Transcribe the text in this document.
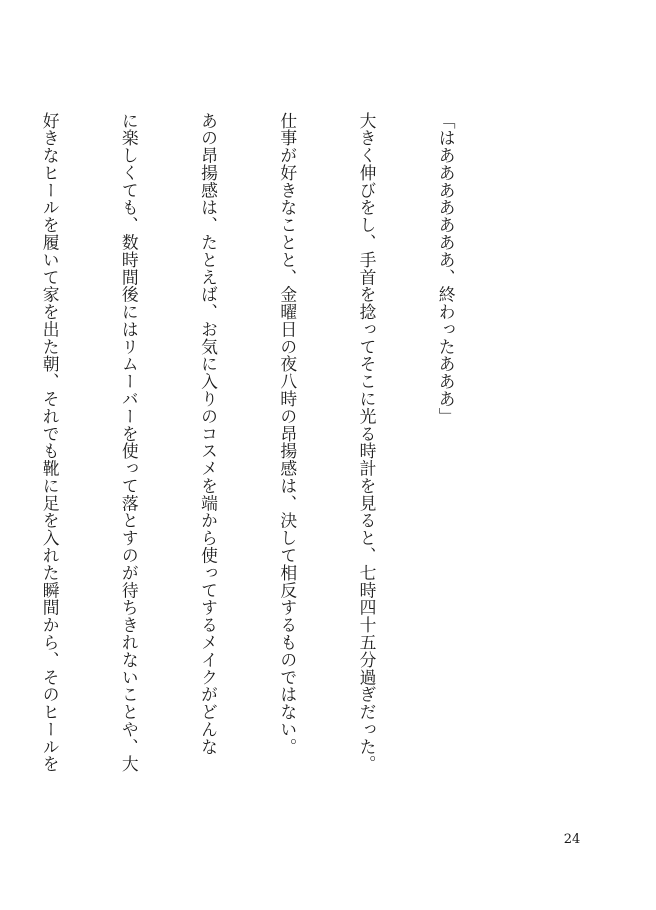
「はあああああああ、終わったあああ」

大きく伸びをし、手首を捻ってそこに光る時計を見ると、七時四十五分過ぎだった。

仕事が好きなことと、金曜日の夜八時の昂揚感は、決して相反するものではない。

あの昂揚感は、たとえば、お気に入りのコスメを端から使ってするメイクがどんな

に楽しくても、数時間後にはリムーバーを使って落とすのが待ちきれないことや、大

好きなヒールを履いて家を出た朝、それでも靴に足を入れた瞬間から、そのヒールを

24
